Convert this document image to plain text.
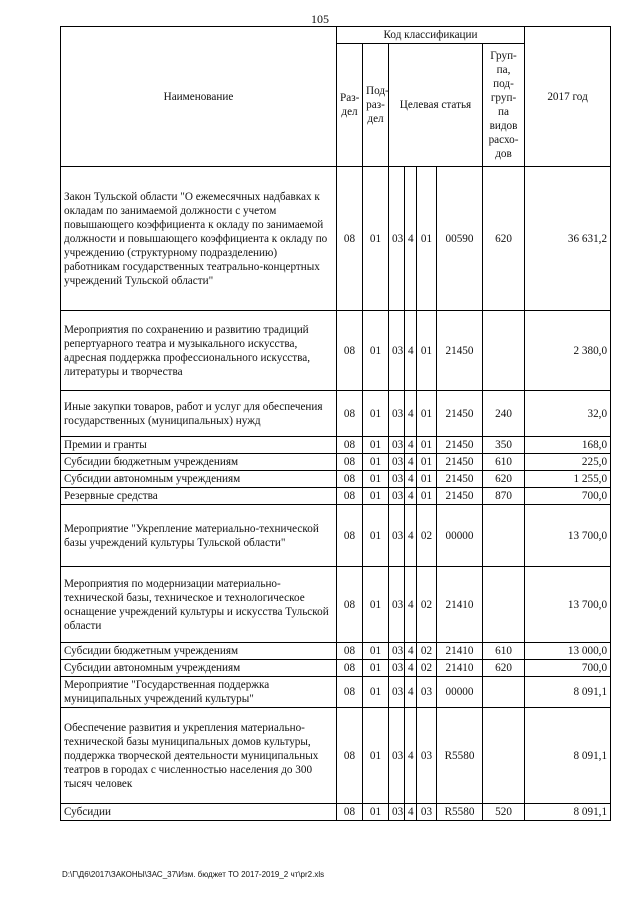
105
Наименование	Код классификации							2017 год
	Раз-дел	Под-раз-дел	Целевая статья				Груп-па, под-груп-па видов расхо-дов	
Закон Тульской области "О ежемесячных надбавках к окладам по занимаемой должности с учетом повышающего коэффициента к окладу по занимаемой должности и повышающего коэффициента к окладу по учреждению (структурному подразделению) работникам государственных театрально-концертных учреждений Тульской области"	08	01	03	4	01	00590	620	36 631,2
Мероприятия по сохранению и развитию традиций репертуарного театра и музыкального искусства, адресная поддержка профессионального искусства, литературы и творчества	08	01	03	4	01	21450		2 380,0
Иные закупки товаров, работ и услуг для обеспечения государственных (муниципальных) нужд	08	01	03	4	01	21450	240	32,0
Премии и гранты	08	01	03	4	01	21450	350	168,0
Субсидии бюджетным учреждениям	08	01	03	4	01	21450	610	225,0
Субсидии автономным учреждениям	08	01	03	4	01	21450	620	1 255,0
Резервные средства	08	01	03	4	01	21450	870	700,0
Мероприятие "Укрепление материально-технической базы учреждений культуры Тульской области"	08	01	03	4	02	00000		13 700,0
Мероприятия по модернизации материально-технической базы, техническое и технологическое оснащение учреждений культуры и искусства Тульской области	08	01	03	4	02	21410		13 700,0
Субсидии бюджетным учреждениям	08	01	03	4	02	21410	610	13 000,0
Субсидии автономным учреждениям	08	01	03	4	02	21410	620	700,0
Мероприятие "Государственная поддержка муниципальных учреждений культуры"	08	01	03	4	03	00000		8 091,1
Обеспечение развития и укрепления материально-технической базы муниципальных домов культуры, поддержка творческой деятельности муниципальных театров в городах с численностью населения до 300 тысяч человек	08	01	03	4	03	R5580		8 091,1
Субсидии	08	01	03	4	03	R5580	520	8 091,1
D:\Г\Д6\2017\ЗАКОНЫ\ЗАС_37\Изм. бюджет ТО 2017-2019_2 чт\pr2.xls
